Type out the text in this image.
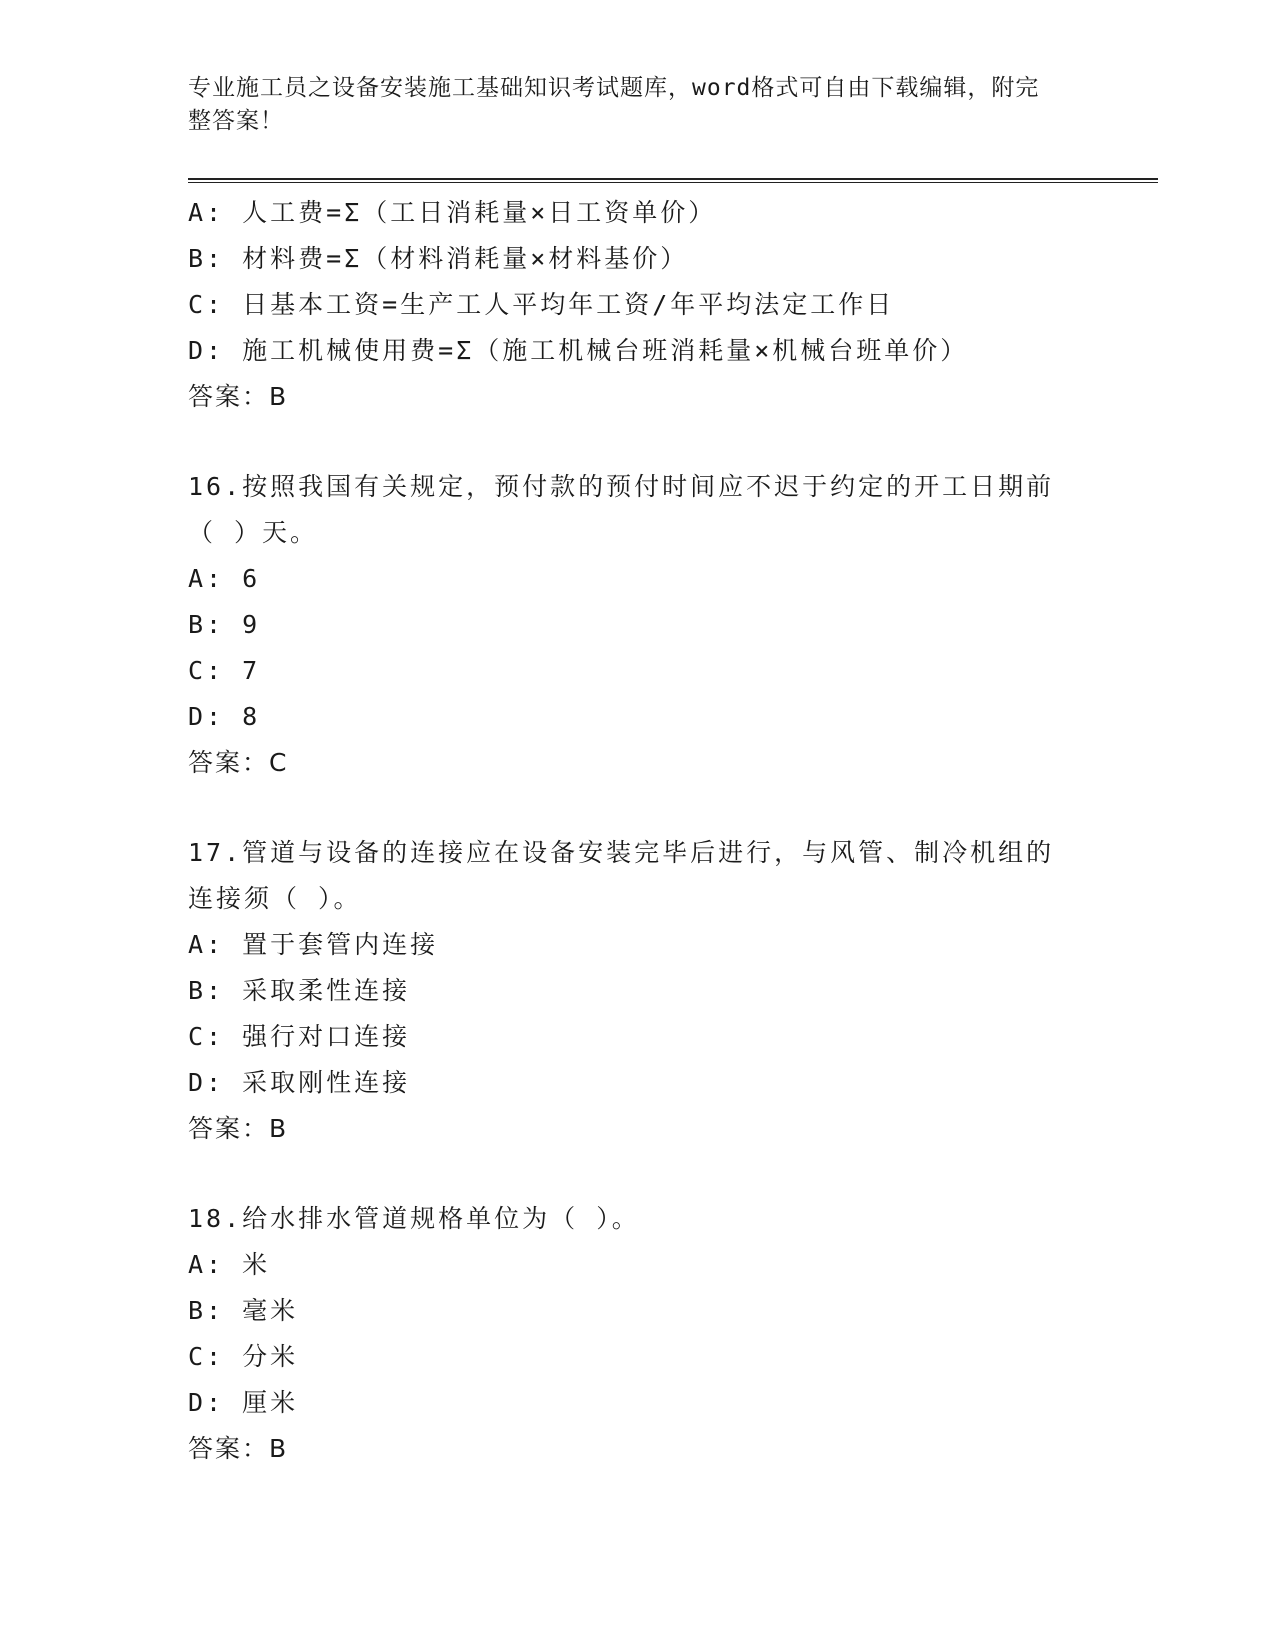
专业施工员之设备安装施工基础知识考试题库，word格式可自由下载编辑，附完整答案！
A: 人工费=Σ（工日消耗量×日工资单价）
B: 材料费=Σ（材料消耗量×材料基价）
C: 日基本工资=生产工人平均年工资/年平均法定工作日
D: 施工机械使用费=Σ（施工机械台班消耗量×机械台班单价）
答案：B
16.按照我国有关规定，预付款的预付时间应不迟于约定的开工日期前（ ）天。
A: 6
B: 9
C: 7
D: 8
答案：C
17.管道与设备的连接应在设备安装完毕后进行，与风管、制冷机组的连接须（ ）。
A: 置于套管内连接
B: 采取柔性连接
C: 强行对口连接
D: 采取刚性连接
答案：B
18.给水排水管道规格单位为（ ）。
A: 米
B: 毫米
C: 分米
D: 厘米
答案：B
